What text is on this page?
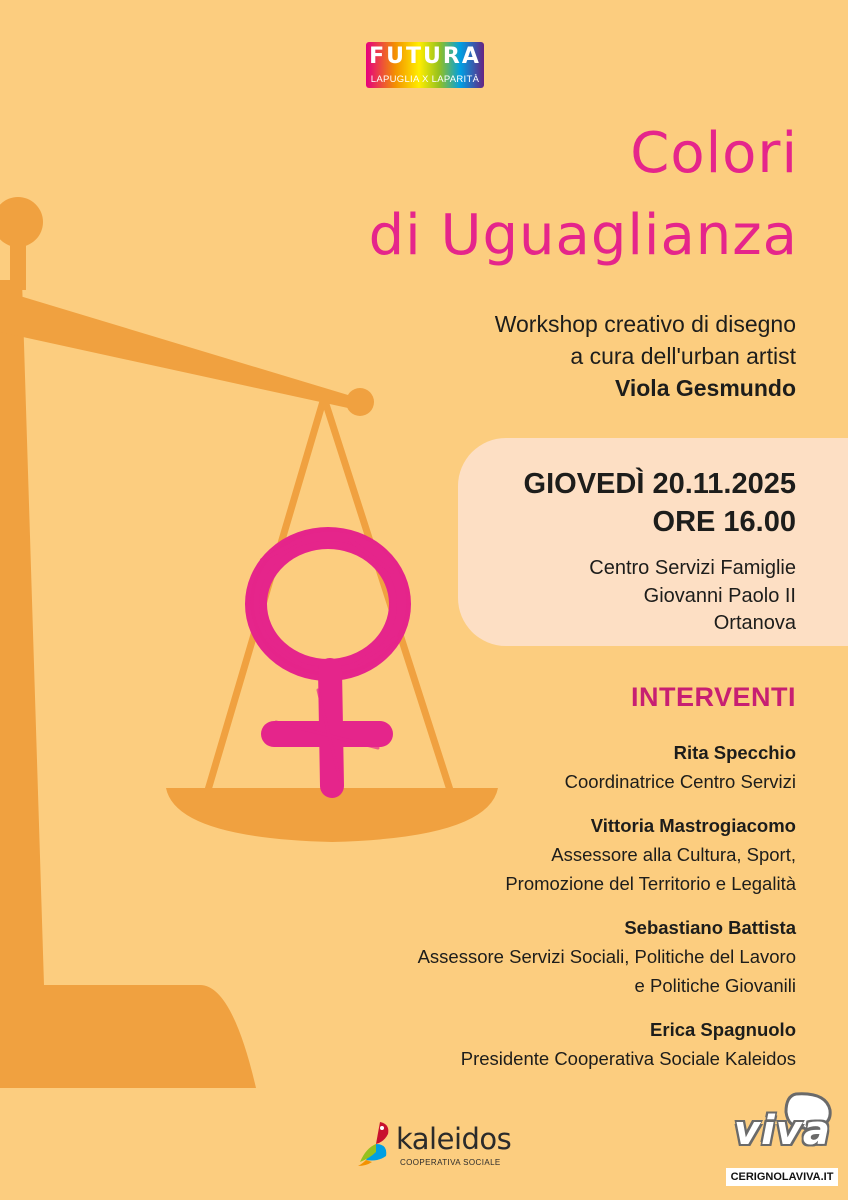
FUTURA
LAPUGLIA X LAPARITÀ
Colori
di Uguaglianza
Workshop creativo di disegno
a cura dell'urban artist
Viola Gesmundo
GIOVEDÌ 20.11.2025
ORE 16.00
Centro Servizi Famiglie
Giovanni Paolo II
Ortanova
INTERVENTI
Rita Specchio
Coordinatrice Centro Servizi
Vittoria Mastrogiacomo
Assessore alla Cultura, Sport,
Promozione del Territorio e Legalità
Sebastiano Battista
Assessore Servizi Sociali, Politiche del Lavoro
e Politiche Giovanili
Erica Spagnuolo
Presidente Cooperativa Sociale Kaleidos
kaleidos
COOPERATIVA SOCIALE
viva
CERIGNOLAVIVA.IT
